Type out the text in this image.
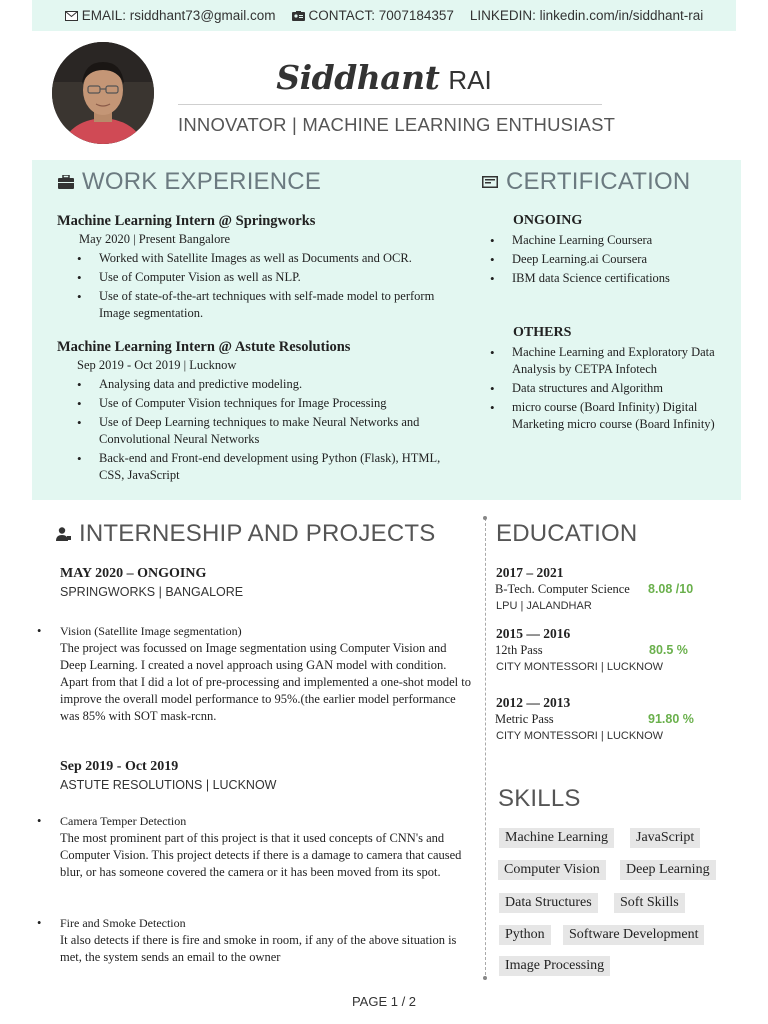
EMAIL: rsiddhant73@gmail.com CONTACT: 7007184357 LINKEDIN: linkedin.com/in/siddhant-rai
Siddhant RAI
INNOVATOR | MACHINE LEARNING ENTHUSIAST
WORK EXPERIENCE
Machine Learning Intern @ Springworks
May 2020 | Present Bangalore
• Worked with Satellite Images as well as Documents and OCR.
• Use of Computer Vision as well as NLP.
• Use of state-of-the-art techniques with self-made model to perform Image segmentation.
Machine Learning Intern @ Astute Resolutions
Sep 2019 - Oct 2019 | Lucknow
• Analysing data and predictive modeling.
• Use of Computer Vision techniques for Image Processing
• Use of Deep Learning techniques to make Neural Networks and Convolutional Neural Networks
• Back-end and Front-end development using Python (Flask), HTML, CSS, JavaScript
CERTIFICATION
ONGOING
• Machine Learning Coursera
• Deep Learning.ai Coursera
• IBM data Science certifications
OTHERS
• Machine Learning and Exploratory Data Analysis by CETPA Infotech
• Data structures and Algorithm
• micro course (Board Infinity) Digital Marketing micro course (Board Infinity)
INTERNESHIP AND PROJECTS
MAY 2020 – ONGOING
SPRINGWORKS | BANGALORE
• Vision (Satellite Image segmentation)
The project was focussed on Image segmentation using Computer Vision and Deep Learning. I created a novel approach using GAN model with condition. Apart from that I did a lot of pre-processing and implemented a one-shot model to improve the overall model performance to 95%.(the earlier model performance was 85% with SOT mask-rcnn.
Sep 2019 - Oct 2019
ASTUTE RESOLUTIONS | LUCKNOW
• Camera Temper Detection
The most prominent part of this project is that it used concepts of CNN's and Computer Vision. This project detects if there is a damage to camera that caused blur, or has someone covered the camera or it has been moved from its spot.
• Fire and Smoke Detection
It also detects if there is fire and smoke in room, if any of the above situation is met, the system sends an email to the owner
EDUCATION
2017 – 2021
B-Tech. Computer Science 8.08 /10
LPU | JALANDHAR
2015 — 2016
12th Pass	80.5 %
CITY MONTESSORI | LUCKNOW
2012 — 2013
Metric Pass	91.80 %
CITY MONTESSORI | LUCKNOW
SKILLS
Machine Learning	JavaScript
Computer Vision	Deep Learning
Data Structures	Soft Skills
Python	Software Development
Image Processing
PAGE 1 / 2
